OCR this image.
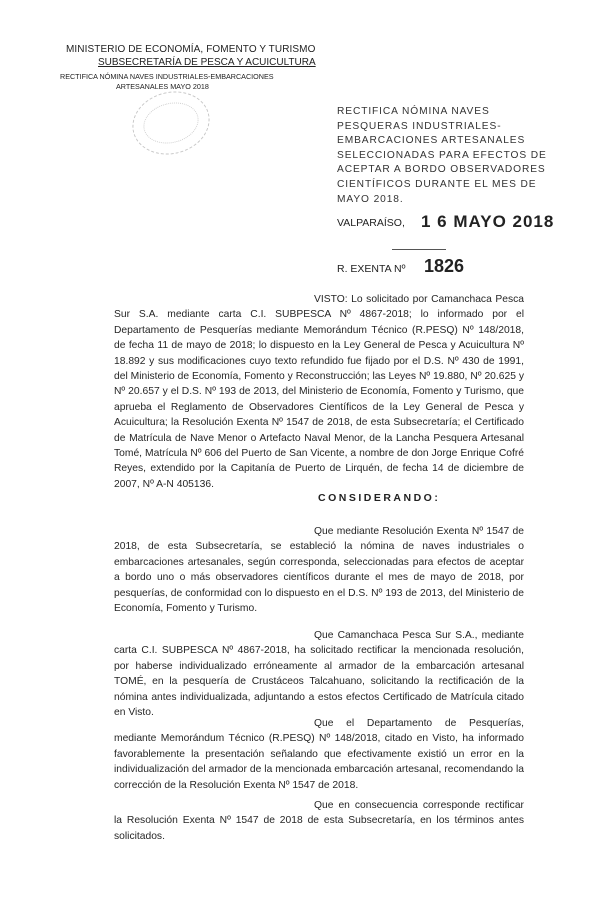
MINISTERIO DE ECONOMÍA, FOMENTO Y TURISMO
SUBSECRETARÍA DE PESCA Y ACUICULTURA
RECTIFICA NÓMINA NAVES INDUSTRIALES-EMBARCACIONES
ARTESANALES MAYO 2018
RECTIFICA NÓMINA NAVES PESQUERAS INDUSTRIALES-EMBARCACIONES ARTESANALES SELECCIONADAS PARA EFECTOS DE ACEPTAR A BORDO OBSERVADORES CIENTÍFICOS DURANTE EL MES DE MAYO 2018.
VALPARAÍSO, 1 6 MAYO 2018
R. EXENTA Nº 1826
VISTO: Lo solicitado por Camanchaca Pesca Sur S.A. mediante carta C.I. SUBPESCA Nº 4867-2018; lo informado por el Departamento de Pesquerías mediante Memorándum Técnico (R.PESQ) Nº 148/2018, de fecha 11 de mayo de 2018; lo dispuesto en la Ley General de Pesca y Acuicultura Nº 18.892 y sus modificaciones cuyo texto refundido fue fijado por el D.S. Nº 430 de 1991, del Ministerio de Economía, Fomento y Reconstrucción; las Leyes Nº 19.880, Nº 20.625 y Nº 20.657 y el D.S. Nº 193 de 2013, del Ministerio de Economía, Fomento y Turismo, que aprueba el Reglamento de Observadores Científicos de la Ley General de Pesca y Acuicultura; la Resolución Exenta Nº 1547 de 2018, de esta Subsecretaría; el Certificado de Matrícula de Nave Menor o Artefacto Naval Menor, de la Lancha Pesquera Artesanal Tomé, Matrícula Nº 606 del Puerto de San Vicente, a nombre de don Jorge Enrique Cofré Reyes, extendido por la Capitanía de Puerto de Lirquén, de fecha 14 de diciembre de 2007, Nº A-N 405136.
CONSIDERANDO:
Que mediante Resolución Exenta Nº 1547 de 2018, de esta Subsecretaría, se estableció la nómina de naves industriales o embarcaciones artesanales, según corresponda, seleccionadas para efectos de aceptar a bordo uno o más observadores científicos durante el mes de mayo de 2018, por pesquerías, de conformidad con lo dispuesto en el D.S. Nº 193 de 2013, del Ministerio de Economía, Fomento y Turismo.
Que Camanchaca Pesca Sur S.A., mediante carta C.I. SUBPESCA Nº 4867-2018, ha solicitado rectificar la mencionada resolución, por haberse individualizado erróneamente al armador de la embarcación artesanal TOMÉ, en la pesquería de Crustáceos Talcahuano, solicitando la rectificación de la nómina antes individualizada, adjuntando a estos efectos Certificado de Matrícula citado en Visto.
Que el Departamento de Pesquerías, mediante Memorándum Técnico (R.PESQ) Nº 148/2018, citado en Visto, ha informado favorablemente la presentación señalando que efectivamente existió un error en la individualización del armador de la mencionada embarcación artesanal, recomendando la corrección de la Resolución Exenta Nº 1547 de 2018.
Que en consecuencia corresponde rectificar la Resolución Exenta Nº 1547 de 2018 de esta Subsecretaría, en los términos antes solicitados.
